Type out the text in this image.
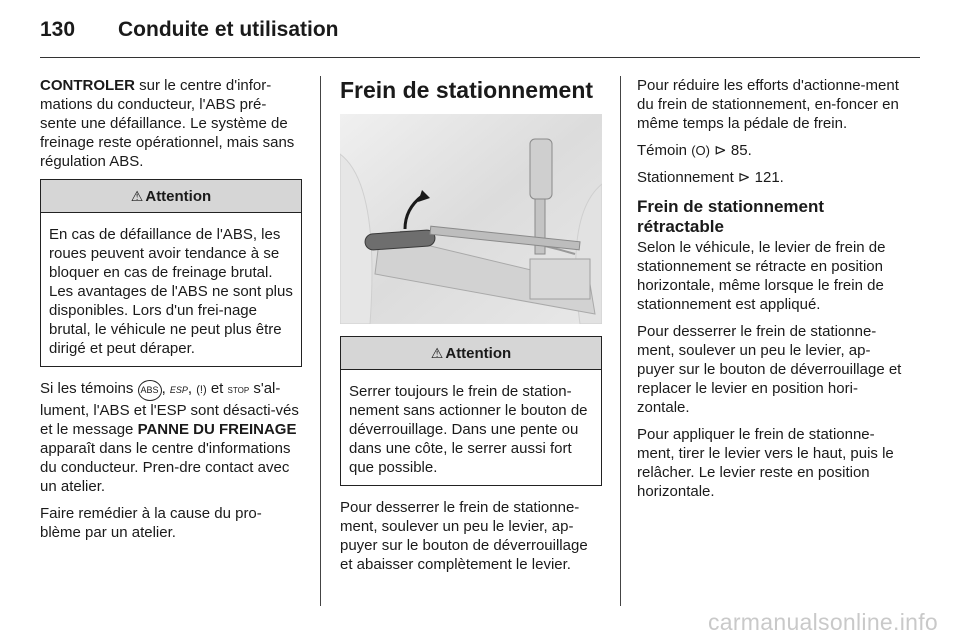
130 Conduite et utilisation

CONTROLER sur le centre d'infor-mations du conducteur, l'ABS pré-sente une défaillance. Le système de freinage reste opérationnel, mais sans régulation ABS.

⚠ Attention
En cas de défaillance de l'ABS, les roues peuvent avoir tendance à se bloquer en cas de freinage brutal. Les avantages de l'ABS ne sont plus disponibles. Lors d'un frei-nage brutal, le véhicule ne peut plus être dirigé et peut déraper.

Si les témoins ABS , ESP, (!) et STOP s'al-lument, l'ABS et l'ESP sont désacti-vés et le message PANNE DU FREINAGE apparaît dans le centre d'informations du conducteur. Pren-dre contact avec un atelier.

Faire remédier à la cause du pro-blème par un atelier.

Frein de stationnement
⚠ Attention
Serrer toujours le frein de station-nement sans actionner le bouton de déverrouillage. Dans une pente ou dans une côte, le serrer aussi fort que possible.

Pour desserrer le frein de stationne-ment, soulever un peu le levier, ap-puyer sur le bouton de déverrouillage et abaisser complètement le levier.

Pour réduire les efforts d'actionne-ment du frein de stationnement, en-foncer en même temps la pédale de frein.

Témoin (O) ⊳ 85.

Stationnement ⊳ 121.

Frein de stationnement rétractable

Selon le véhicule, le levier de frein de stationnement se rétracte en position horizontale, même lorsque le frein de stationnement est appliqué.

Pour desserrer le frein de stationne-ment, soulever un peu le levier, ap-puyer sur le bouton de déverrouillage et replacer le levier en position hori-zontale.

Pour appliquer le frein de stationne-ment, tirer le levier vers le haut, puis le relâcher. Le levier reste en position horizontale.

carmanualsonline.info
